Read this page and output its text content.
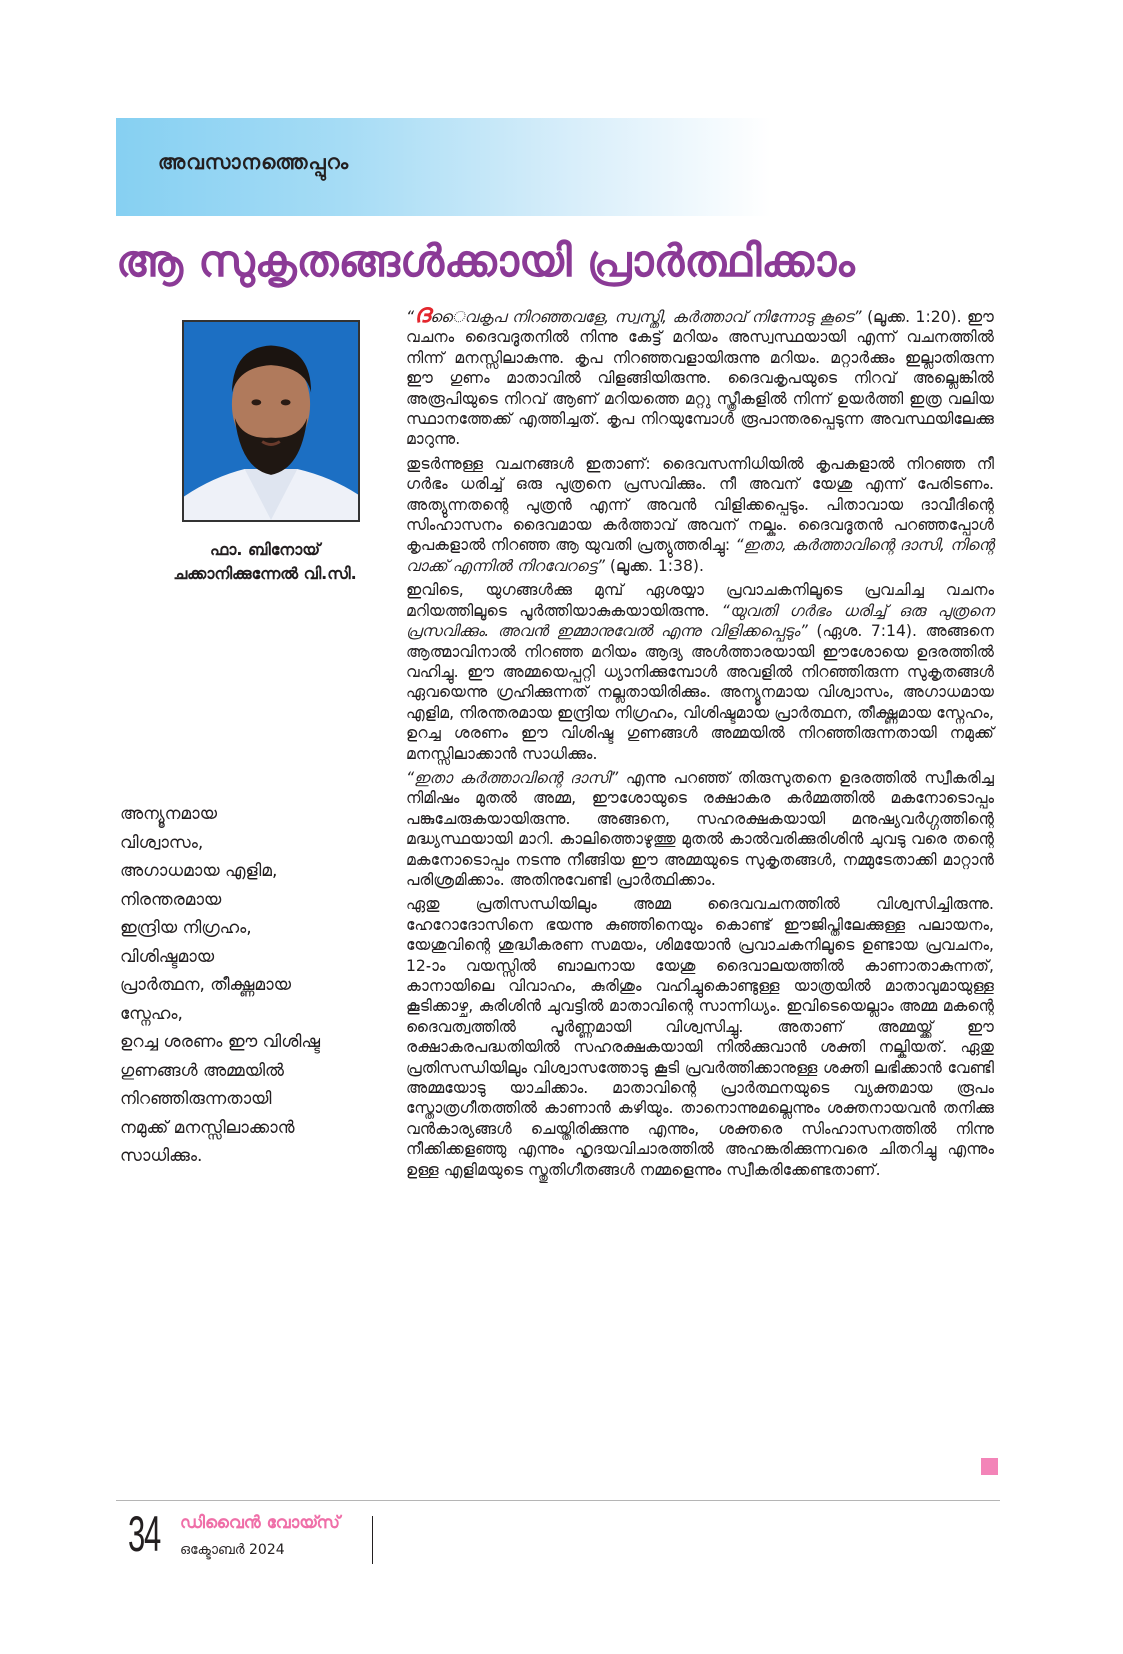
അവസാനത്തെപ്പുറം
ആ സുകൃതങ്ങൾക്കായി പ്രാർത്ഥിക്കാം
ഫാ. ബിനോയ്
ചക്കാനിക്കുന്നേൽ വി.സി.
അന്യൂനമായ
വിശ്വാസം,
അഗാധമായ എളിമ,
നിരന്തരമായ
ഇന്ദ്രിയ നിഗ്രഹം,
വിശിഷ്ടമായ
പ്രാർത്ഥന, തീക്ഷ്ണമായ
സ്നേഹം,
ഉറച്ച ശരണം ഈ വിശിഷ്ട
ഗുണങ്ങൾ അമ്മയിൽ
നിറഞ്ഞിരുന്നതായി
നമുക്ക് മനസ്സിലാക്കാൻ
സാധിക്കും.

“ദൈവകൃപ നിറഞ്ഞവളേ, സ്വസ്തി, കർത്താവ് നിന്നോടു കൂടെ” (ലൂക്ക. 1:20). ഈ വചനം ദൈവദൂതനിൽ നിന്നു കേട്ട് മറിയം അസ്വസ്ഥയായി എന്ന് വചനത്തിൽ നിന്ന് മനസ്സിലാകുന്നു. കൃപ നിറഞ്ഞവളായിരുന്നു മറിയം. മറ്റാർക്കും ഇല്ലാതിരുന്ന ഈ ഗുണം മാതാവിൽ വിളങ്ങിയിരുന്നു. ദൈവകൃപയുടെ നിറവ് അല്ലെങ്കിൽ അരൂപിയുടെ നിറവ് ആണ് മറിയത്തെ മറ്റു സ്ത്രീകളിൽ നിന്ന് ഉയർത്തി ഇത്ര വലിയ സ്ഥാനത്തേക്ക് എത്തിച്ചത്. കൃപ നിറയുമ്പോൾ രൂപാന്തരപ്പെടുന്ന അവസ്ഥയിലേക്കു മാറുന്നു.

തുടർന്നുള്ള വചനങ്ങൾ ഇതാണ്: ദൈവസന്നിധിയിൽ കൃപകളാൽ നിറഞ്ഞ നീ ഗർഭം ധരിച്ച് ഒരു പുത്രനെ പ്രസവിക്കും. നീ അവന് യേശു എന്ന് പേരിടണം. അത്യുന്നതന്റെ പുത്രൻ എന്ന് അവൻ വിളിക്കപ്പെടും. പിതാവായ ദാവീദിന്റെ സിംഹാസനം ദൈവമായ കർത്താവ് അവന് നല്കും. ദൈവദൂതൻ പറഞ്ഞപ്പോൾ കൃപകളാൽ നിറഞ്ഞ ആ യുവതി പ്രത്യുത്തരിച്ചു: “ഇതാ, കർത്താവിന്റെ ദാസി, നിന്റെ വാക്ക് എന്നിൽ നിറവേറട്ടെ” (ലൂക്ക. 1:38).

ഇവിടെ, യുഗങ്ങൾക്കു മുമ്പ് ഏശയ്യാ പ്രവാചകനിലൂടെ പ്രവചിച്ച വചനം മറിയത്തിലൂടെ പൂർത്തിയാകുകയായിരുന്നു. “യുവതി ഗർഭം ധരിച്ച് ഒരു പുത്രനെ പ്രസവിക്കും. അവൻ ഇമ്മാനുവേൽ എന്നു വിളിക്കപ്പെടും” (ഏശ. 7:14). അങ്ങനെ ആത്മാവിനാൽ നിറഞ്ഞ മറിയം ആദ്യ അൾത്താരയായി ഈശോയെ ഉദരത്തിൽ വഹിച്ചു. ഈ അമ്മയെപ്പറ്റി ധ്യാനിക്കുമ്പോൾ അവളിൽ നിറഞ്ഞിരുന്ന സുകൃതങ്ങൾ ഏവയെന്നു ഗ്രഹിക്കുന്നത് നല്ലതായിരിക്കും. അന്യൂനമായ വിശ്വാസം, അഗാധമായ എളിമ, നിരന്തരമായ ഇന്ദ്രിയ നിഗ്രഹം, വിശിഷ്ടമായ പ്രാർത്ഥന, തീക്ഷ്ണമായ സ്നേഹം, ഉറച്ച ശരണം ഈ വിശിഷ്ട ഗുണങ്ങൾ അമ്മയിൽ നിറഞ്ഞിരുന്നതായി നമുക്ക് മനസ്സിലാക്കാൻ സാധിക്കും.

“ഇതാ കർത്താവിന്റെ ദാസി” എന്നു പറഞ്ഞ് തിരുസുതനെ ഉദരത്തിൽ സ്വീകരിച്ച നിമിഷം മുതൽ അമ്മ, ഈശോയുടെ രക്ഷാകര കർമ്മത്തിൽ മകനോടൊപ്പം പങ്കുചേരുകയായിരുന്നു. അങ്ങനെ, സഹരക്ഷകയായി മനുഷ്യവർഗ്ഗത്തിന്റെ മദ്ധ്യസ്ഥയായി മാറി. കാലിത്തൊഴുത്തു മുതൽ കാൽവരിക്കുരിശിൻ ചുവടു വരെ തന്റെ മകനോടൊപ്പം നടന്നു നീങ്ങിയ ഈ അമ്മയുടെ സുകൃതങ്ങൾ, നമ്മുടേതാക്കി മാറ്റാൻ പരിശ്രമിക്കാം. അതിനുവേണ്ടി പ്രാർത്ഥിക്കാം.

ഏതു പ്രതിസന്ധിയിലും അമ്മ ദൈവവചനത്തിൽ വിശ്വസിച്ചിരുന്നു. ഹേറോദോസിനെ ഭയന്നു കുഞ്ഞിനെയും കൊണ്ട് ഈജിപ്തിലേക്കുള്ള പലായനം, യേശുവിന്റെ ശുദ്ധീകരണ സമയം, ശിമയോൻ പ്രവാചകനിലൂടെ ഉണ്ടായ പ്രവചനം, 12-ാം വയസ്സിൽ ബാലനായ യേശു ദൈവാലയത്തിൽ കാണാതാകുന്നത്, കാനായിലെ വിവാഹം, കുരിശും വഹിച്ചുകൊണ്ടുള്ള യാത്രയിൽ മാതാവുമായുള്ള കൂടിക്കാഴ്ച, കുരിശിൻ ചുവട്ടിൽ മാതാവിന്റെ സാന്നിധ്യം. ഇവിടെയെല്ലാം അമ്മ മകന്റെ ദൈവത്വത്തിൽ പൂർണ്ണമായി വിശ്വസിച്ചു. അതാണ് അമ്മയ്ക്ക് ഈ രക്ഷാകരപദ്ധതിയിൽ സഹരക്ഷകയായി നിൽക്കുവാൻ ശക്തി നല്കിയത്. ഏതു പ്രതിസന്ധിയിലും വിശ്വാസത്തോടു കൂടി പ്രവർത്തിക്കാനുള്ള ശക്തി ലഭിക്കാൻ വേണ്ടി അമ്മയോടു യാചിക്കാം. മാതാവിന്റെ പ്രാർത്ഥനയുടെ വ്യക്തമായ രൂപം സ്തോത്രഗീതത്തിൽ കാണാൻ കഴിയും. താനൊന്നുമല്ലെന്നും ശക്തനായവൻ തനിക്കു വൻകാര്യങ്ങൾ ചെയ്തിരിക്കുന്നു എന്നും, ശക്തരെ സിംഹാസനത്തിൽ നിന്നു നീക്കിക്കളഞ്ഞു എന്നും ഹൃദയവിചാരത്തിൽ അഹങ്കരിക്കുന്നവരെ ചിതറിച്ചു എന്നും ഉള്ള എളിമയുടെ സ്തുതിഗീതങ്ങൾ നമ്മളെന്നും സ്വീകരിക്കേണ്ടതാണ്.

34 ഡിവൈൻ വോയ്സ്
ഒക്ടോബർ 2024
